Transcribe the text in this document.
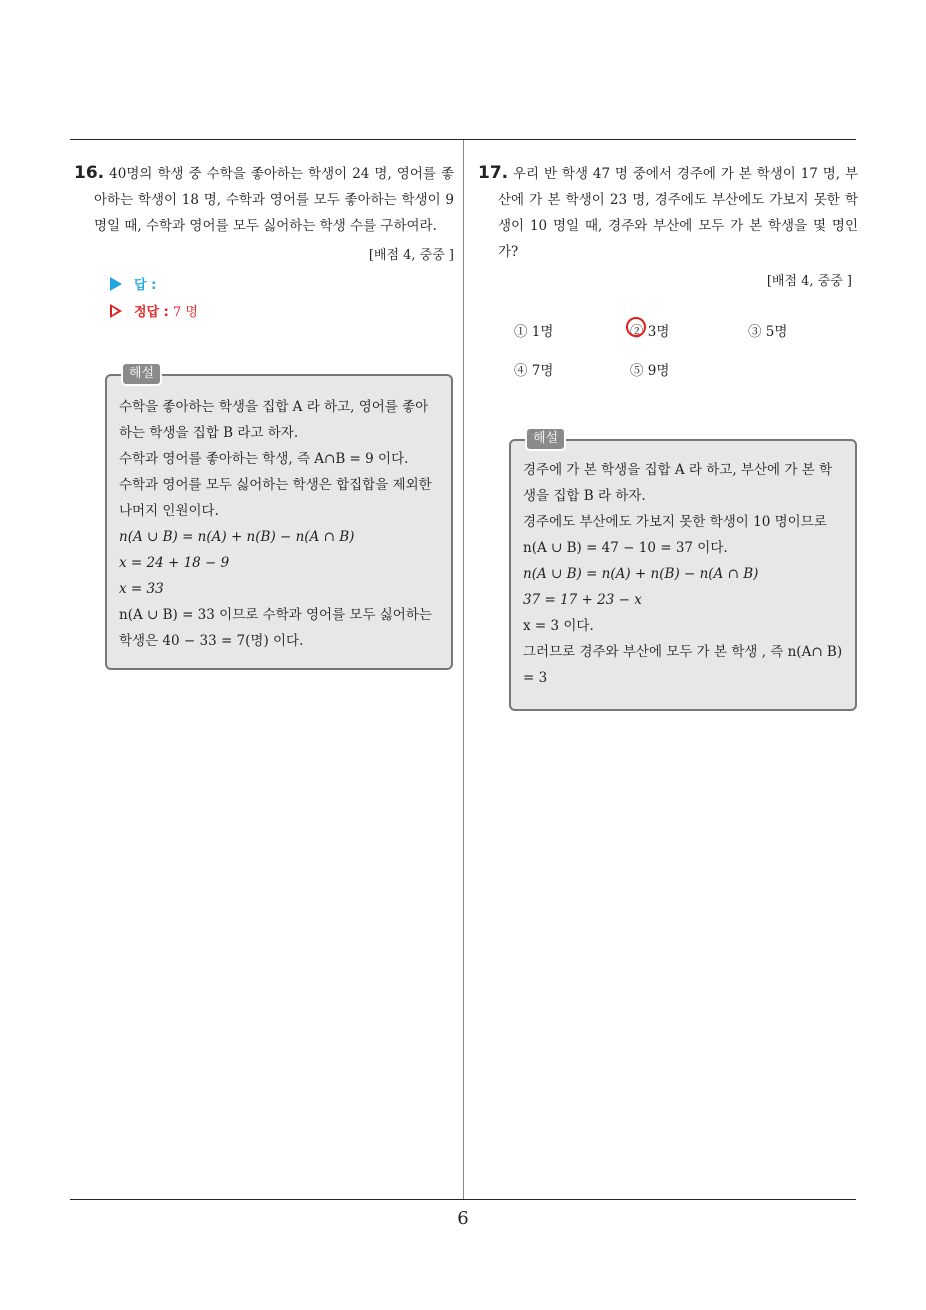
16. 40명의 학생 중 수학을 좋아하는 학생이 24 명, 영어를 좋아하는 학생이 18 명, 수학과 영어를 모두 좋아하는 학생이 9 명일 때, 수학과 영어를 모두 싫어하는 학생 수를 구하여라.
[배점 4, 중중 ]
답 :
정답 : 7 명
해설

수학을 좋아하는 학생을 집합 A 라 하고, 영어를 좋아하는 학생을 집합 B 라고 하자.

수학과 영어를 좋아하는 학생, 즉 A∩B = 9 이다.

수학과 영어를 모두 싫어하는 학생은 합집합을 제외한 나머지 인원이다.

n(A ∪ B) = n(A) + n(B) − n(A ∩ B)

x = 24 + 18 − 9

x = 33

n(A ∪ B) = 33 이므로 수학과 영어를 모두 싫어하는 학생은 40 − 33 = 7(명) 이다.

17. 우리 반 학생 47 명 중에서 경주에 가 본 학생이 17 명, 부산에 가 본 학생이 23 명, 경주에도 부산에도 가보지 못한 학생이 10 명일 때, 경주와 부산에 모두 가 본 학생을 몇 명인가?
[배점 4, 중중 ]
① 1명	② 3명	③ 5명
④ 7명	⑤ 9명
해설

경주에 가 본 학생을 집합 A 라 하고, 부산에 가 본 학생을 집합 B 라 하자.

경주에도 부산에도 가보지 못한 학생이 10 명이므로 n(A ∪ B) = 47 − 10 = 37 이다.

n(A ∪ B) = n(A) + n(B) − n(A ∩ B)

37 = 17 + 23 − x

x = 3 이다.

그러므로 경주와 부산에 모두 가 본 학생 , 즉 n(A∩ B) = 3

6
